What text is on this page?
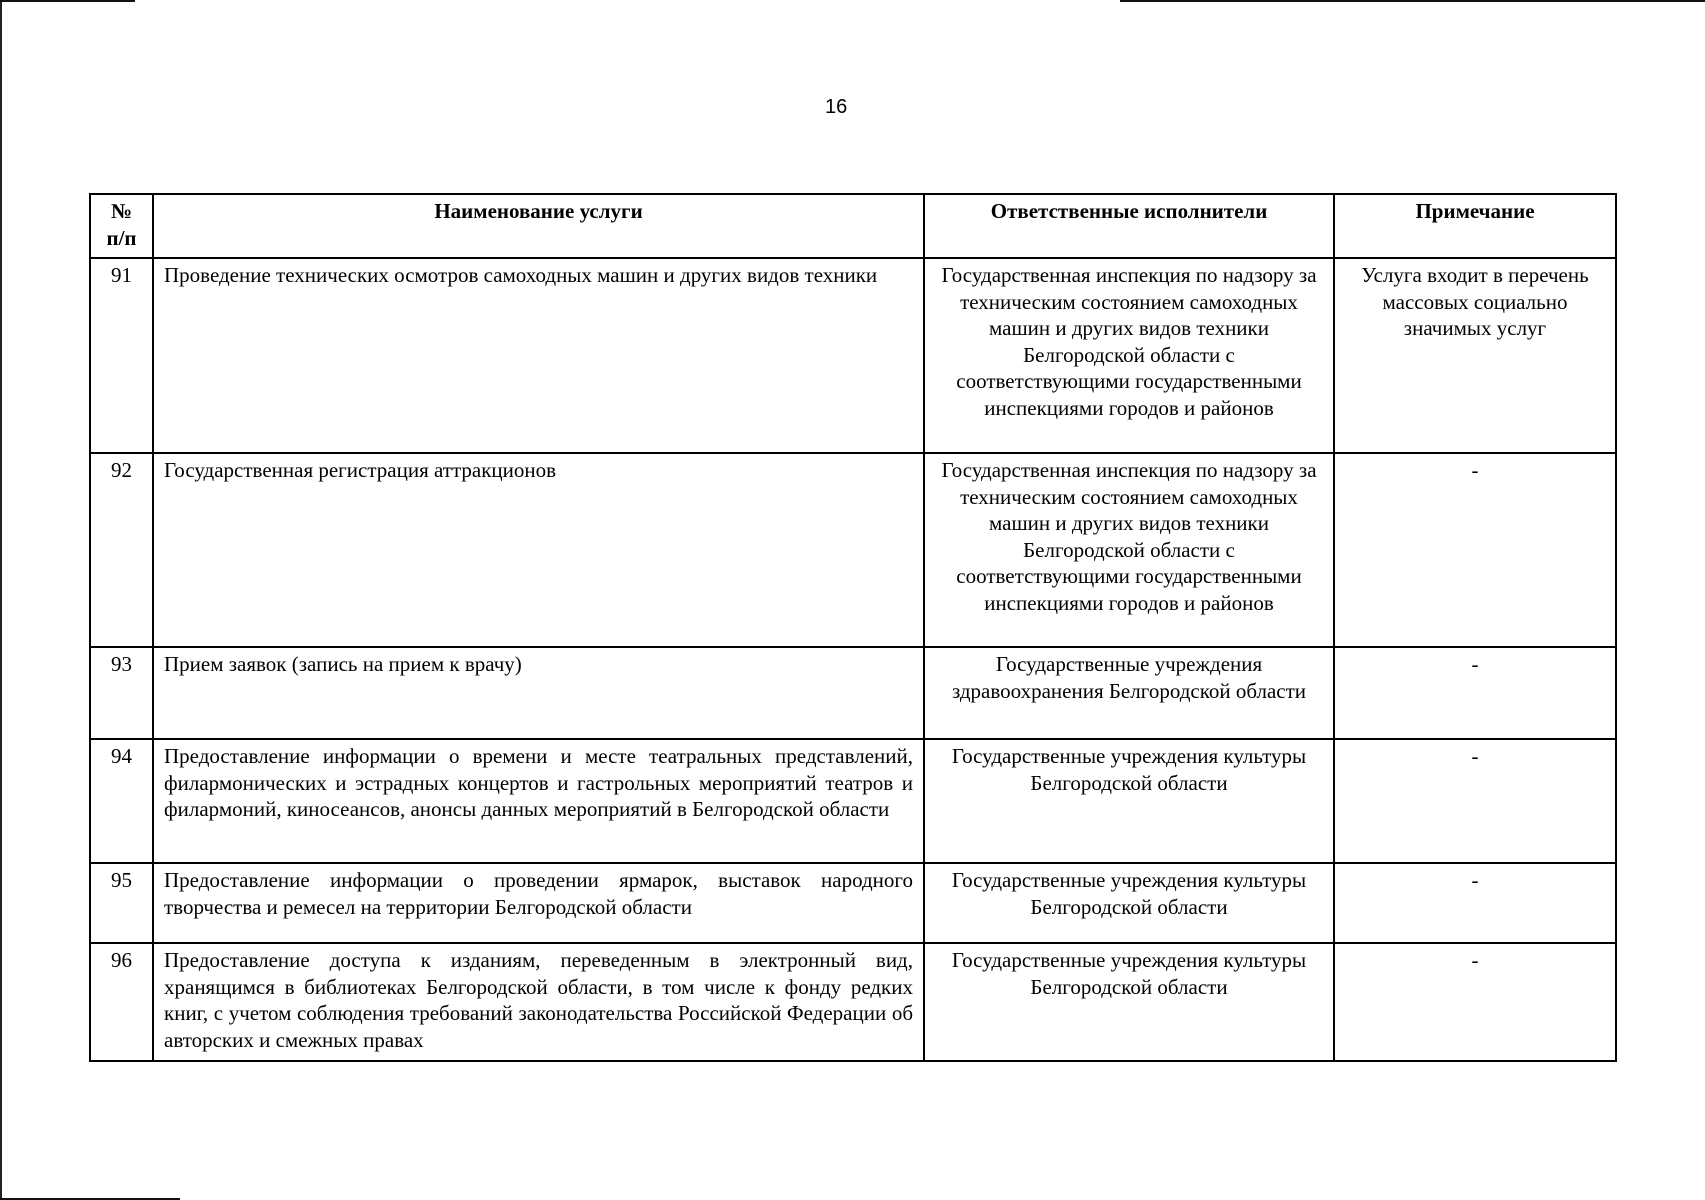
16
№ п/п	Наименование услуги	Ответственные исполнители	Примечание
91	Проведение технических осмотров самоходных машин и других видов техники	Государственная инспекция по надзору за техническим состоянием самоходных машин и других видов техники Белгородской области с соответствующими государственными инспекциями городов и районов	Услуга входит в перечень массовых социально значимых услуг
92	Государственная регистрация аттракционов	Государственная инспекция по надзору за техническим состоянием самоходных машин и других видов техники Белгородской области с соответствующими государственными инспекциями городов и районов	-
93	Прием заявок (запись на прием к врачу)	Государственные учреждения здравоохранения Белгородской области	-
94	Предоставление информации о времени и месте театральных представлений, филармонических и эстрадных концертов и гастрольных мероприятий театров и филармоний, киносеансов, анонсы данных мероприятий в Белгородской области	Государственные учреждения культуры Белгородской области	-
95	Предоставление информации о проведении ярмарок, выставок народного творчества и ремесел на территории Белгородской области	Государственные учреждения культуры Белгородской области	-
96	Предоставление доступа к изданиям, переведенным в электронный вид, хранящимся в библиотеках Белгородской области, в том числе к фонду редких книг, с учетом соблюдения требований законодательства Российской Федерации об авторских и смежных правах	Государственные учреждения культуры Белгородской области	-
